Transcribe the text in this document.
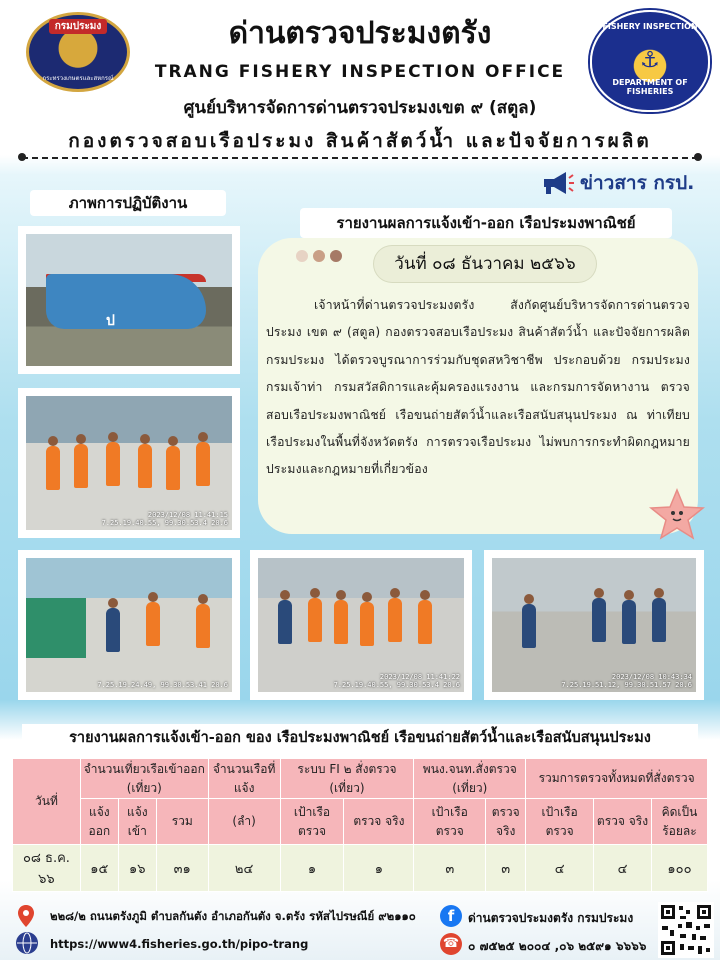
กรมประมง
กระทรวงเกษตรและสหกรณ์
ด่านตรวจประมงตรัง
TRANG FISHERY INSPECTION OFFICE
ศูนย์บริหารจัดการด่านตรวจประมงเขต ๙ (สตูล)
กองตรวจสอบเรือประมง สินค้าสัตว์น้ำ และปัจจัยการผลิต
FISHERY INSPECTION
⚓
DEPARTMENT OF FISHERIES
ข่าวสาร กรป.
ภาพการปฏิบัติงาน
รายงานผลการแจ้งเข้า-ออก เรือประมงพาณิชย์
ป
2023/12/08 11:41:15
7.25.19.40.55, 99.30.53.4 20.6
7.25.19.24.49, 99.30.53.41 20.6
2023/12/08 11:41:22
7.25.19.40.55, 99.30.53.4 20.6
2023/12/08 10:43:34
7.25.19.51.12, 99.30.51.57 20.6
วันที่ ๐๘ ธันวาคม ๒๕๖๖
เจ้าหน้าที่ด่านตรวจประมงตรัง สังกัดศูนย์บริหารจัดการด่านตรวจประมง เขต ๙ (สตูล) กองตรวจสอบเรือประมง สินค้าสัตว์น้ำ และปัจจัยการผลิต กรมประมง ได้ตรวจบูรณาการร่วมกับชุดสหวิชาชีพ ประกอบด้วย กรมประมง กรมเจ้าท่า กรมสวัสดิการและคุ้มครองแรงงาน และกรมการจัดหางาน ตรวจสอบเรือประมงพาณิชย์ เรือขนถ่ายสัตว์น้ำและเรือสนับสนุนประมง ณ ท่าเทียบเรือประมงในพื้นที่จังหวัดตรัง การตรวจเรือประมง ไม่พบการกระทำผิดกฎหมายประมงและกฎหมายที่เกี่ยวข้อง
รายงานผลการแจ้งเข้า-ออก ของ เรือประมงพาณิชย์ เรือขนถ่ายสัตว์น้ำและเรือสนับสนุนประมง
วันที่	จำนวนเที่ยวเรือเข้าออก (เที่ยว)			จำนวนเรือที่แจ้ง	ระบบ FI ๒ สั่งตรวจ (เที่ยว)		พนง.จนท.สั่งตรวจ (เที่ยว)		รวมการตรวจทั้งหมดที่สั่งตรวจ		
	แจ้ง ออก	แจ้ง เข้า	รวม	(ลำ)	เป้าเรือ ตรวจ	ตรวจ จริง	เป้าเรือ ตรวจ	ตรวจ จริง	เป้าเรือ ตรวจ	ตรวจ จริง	คิดเป็น ร้อยละ
๐๘ ธ.ค. ๖๖	๑๕	๑๖	๓๑	๒๔	๑	๑	๓	๓	๔	๔	๑๐๐
๒๒๘/๒ ถนนตรังภูมิ ตำบลกันตัง อำเภอกันตัง จ.ตรัง รหัสไปรษณีย์ ๙๒๑๑๐	f	ด่านตรวจประมงตรัง กรมประมง
https://www4.fisheries.go.th/pipo-trang	☎ ๐ ๗๕๒๕ ๒๐๐๔ ,๐๖ ๒๕๙๑ ๖๖๖๖
